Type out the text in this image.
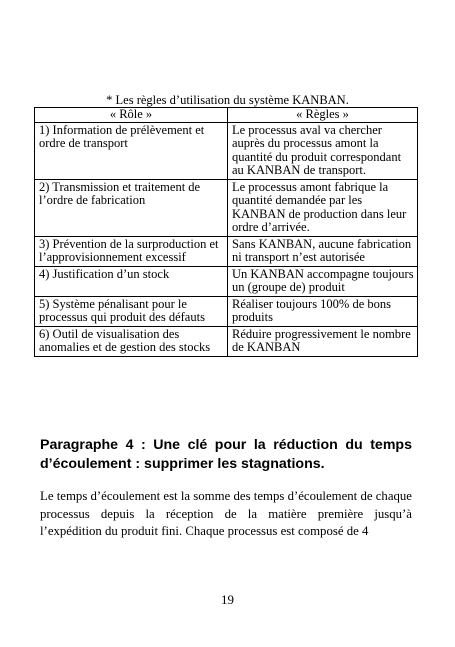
* Les règles d’utilisation du système KANBAN.
« Rôle »	« Règles »
1) Information de prélèvement et ordre de transport	Le processus aval va chercher auprès du processus amont la quantité du produit correspondant au KANBAN de transport.
2) Transmission et traitement de l’ordre de fabrication	Le processus amont fabrique la quantité demandée par les KANBAN de production dans leur ordre d’arrivée.
3) Prévention de la surproduction et l’approvisionnement excessif	Sans KANBAN, aucune fabrication ni transport n’est autorisée
4) Justification d’un stock	Un KANBAN accompagne toujours un (groupe de) produit
5) Système pénalisant pour le processus qui produit des défauts	Réaliser toujours 100% de bons produits
6) Outil de visualisation des anomalies et de gestion des stocks	Réduire progressivement le nombre de KANBAN
Paragraphe 4 : Une clé pour la réduction du temps d’écoulement : supprimer les stagnations.
Le temps d’écoulement est la somme des temps d’écoulement de chaque processus depuis la réception de la matière première jusqu’à l’expédition du produit fini. Chaque processus est composé de 4
19
